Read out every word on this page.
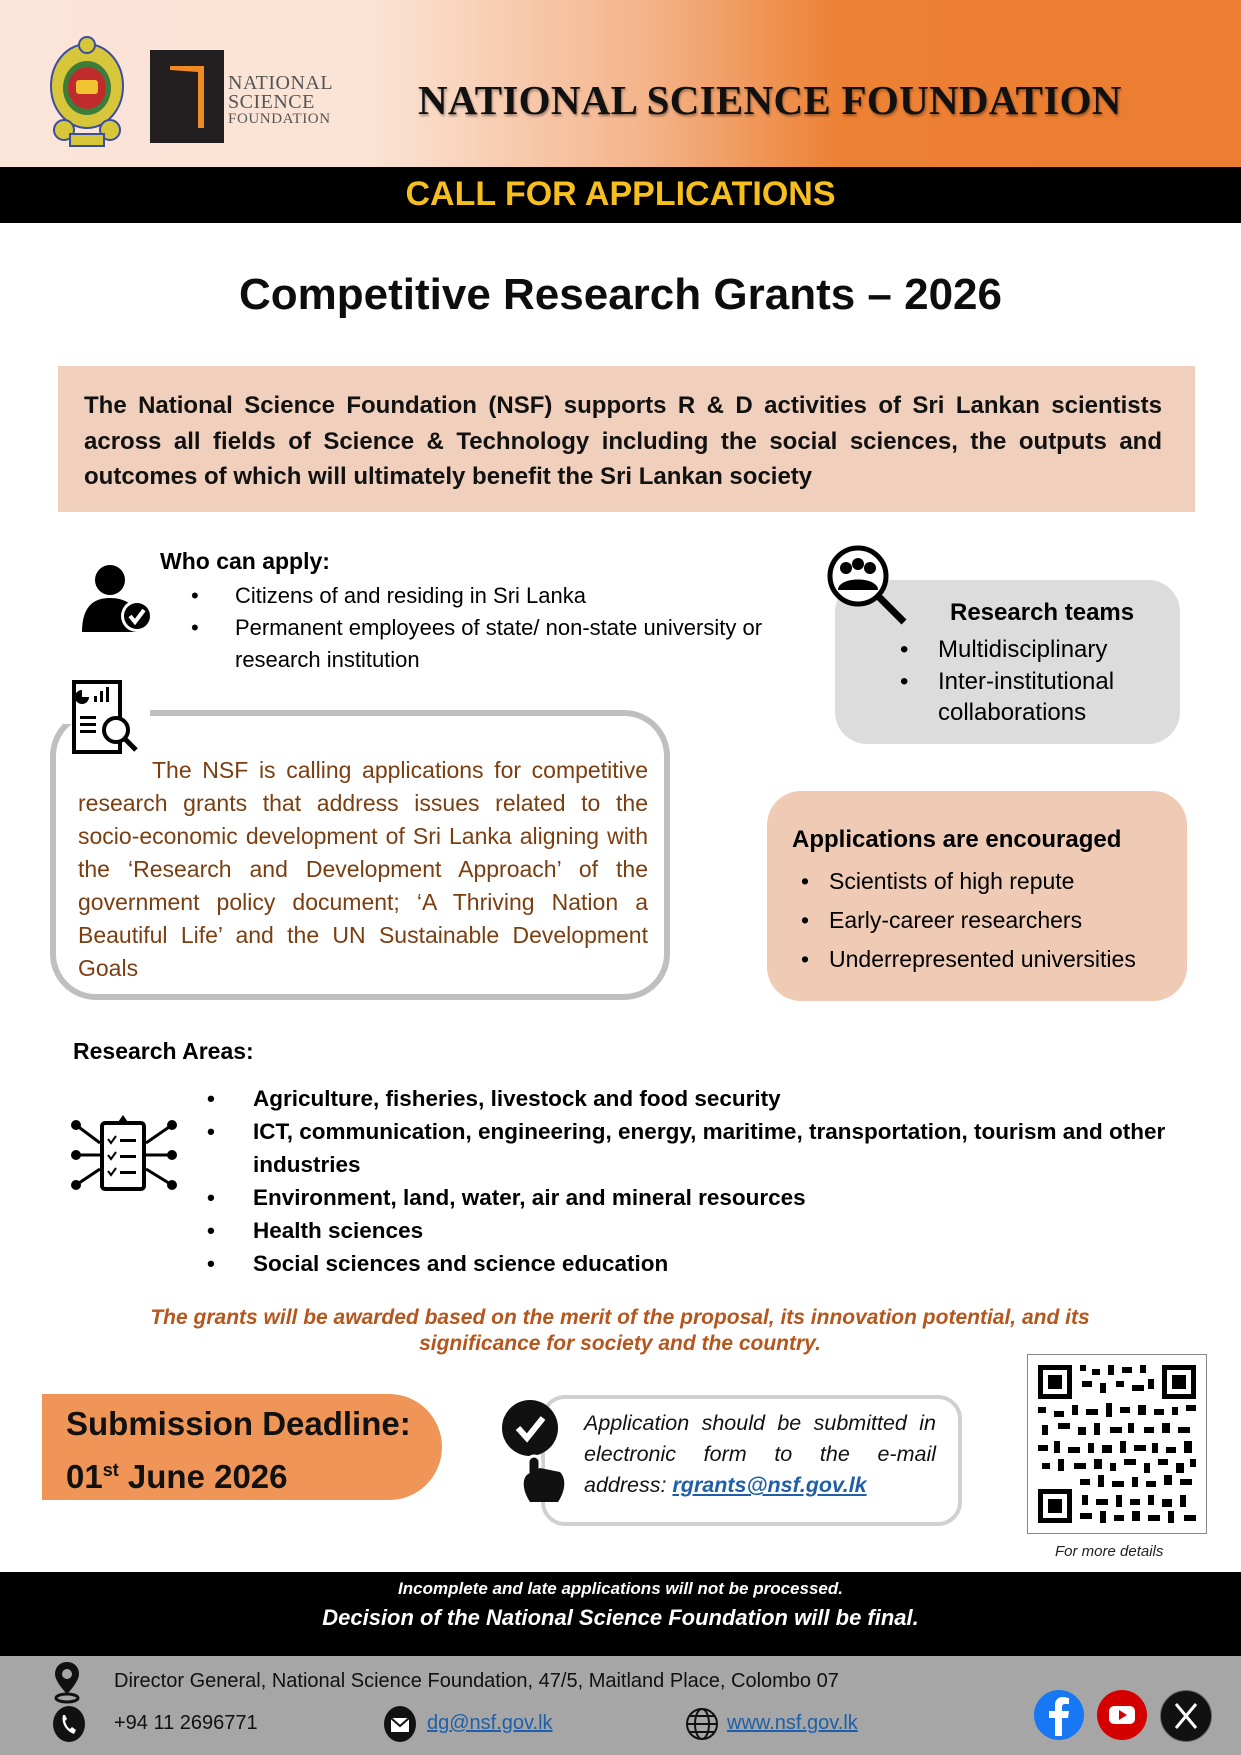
NATIONAL
SCIENCE
FOUNDATION NATIONAL SCIENCE FOUNDATION
CALL FOR APPLICATIONS
Competitive Research Grants – 2026
The National Science Foundation (NSF) supports R & D activities of Sri Lankan scientists across all fields of Science & Technology including the social sciences, the outputs and outcomes of which will ultimately benefit the Sri Lankan society
Who can apply:
• Citizens of and residing in Sri Lanka
• Permanent employees of state/ non-state university or research institution
Research teams
• Multidisciplinary
• Inter-institutional collaborations
The NSF is calling applications for competitive research grants that address issues related to the socio-economic development of Sri Lanka aligning with the ‘Research and Development Approach’ of the government policy document; ‘A Thriving Nation a Beautiful Life’ and the UN Sustainable Development Goals
Applications are encouraged
• Scientists of high repute
• Early-career researchers
• Underrepresented universities
Research Areas:
• Agriculture, fisheries, livestock and food security
• ICT, communication, engineering, energy, maritime, transportation, tourism and other industries
• Environment, land, water, air and mineral resources
• Health sciences
• Social sciences and science education
The grants will be awarded based on the merit of the proposal, its innovation potential, and its significance for society and the country.
Submission Deadline:
01st June 2026
Application should be submitted in electronic form to the e-mail address: rgrants@nsf.gov.lk
For more details
Incomplete and late applications will not be processed.
Decision of the National Science Foundation will be final.
Director General, National Science Foundation, 47/5, Maitland Place, Colombo 07
+94 11 2696771	dg@nsf.gov.lk	www.nsf.gov.lk
